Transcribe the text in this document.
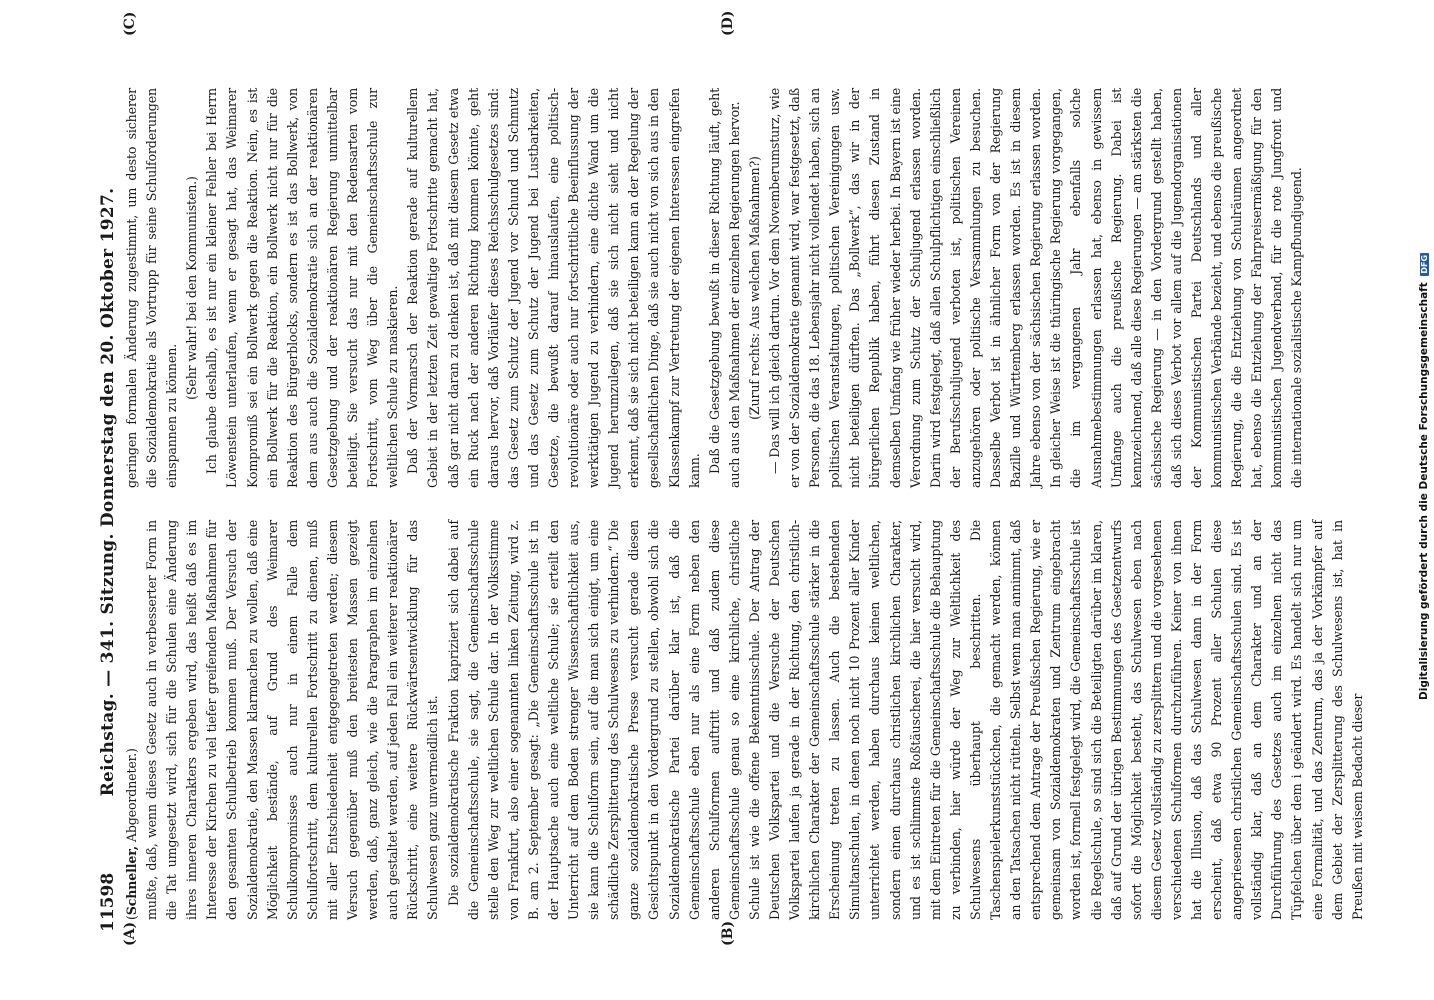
11598
Reichstag. — 341. Sitzung. Donnerstag den 20. Oktober 1927.
(A)	(B)
(C)	(D)

(Schneller, Abgeordneter.) mußte, daß, wenn dieses Gesetz auch in verbesserter Form in die Tat umgesetzt wird, sich für die Schulen eine Änderung ihres inneren Charakters ergeben wird, das heißt daß es im Interesse der Kirchen zu viel tiefer greifenden Maßnahmen für den gesamten Schulbetrieb kommen muß. Der Versuch der Sozialdemokratie, den Massen klarmachen zu wollen, daß eine Möglichkeit bestände, auf Grund des Weimarer Schulkompromisses auch nur in einem Falle dem Schulfortschritt, dem kulturellen Fortschritt zu dienen, muß mit aller Entschiedenheit entgegengetreten werden; diesem Versuch gegenüber muß den breitesten Massen gezeigt werden, daß, ganz gleich, wie die Paragraphen im einzelnen auch gestaltet werden, auf jeden Fall ein weiterer reaktionärer Rückschritt, eine weitere Rückwärtsentwicklung für das Schulwesen ganz unvermeidlich ist. Die sozialdemokratische Fraktion kapriziert sich dabei auf die Gemeinschaftsschule, sie sagt, die Gemeinschaftsschule stelle den Weg zur weltlichen Schule dar. In der Volksstimme von Frankfurt, also einer sogenannten linken Zeitung, wird z. B. am 2. September gesagt: „Die Gemeinschaftsschule ist in der Hauptsache auch eine weltliche Schule; sie erteilt den Unterricht auf dem Boden strenger Wissenschaftlichkeit aus, sie kann die Schulform sein, auf die man sich einigt, um eine schädliche Zersplitterung des Schulwesens zu verhindern.“ Die ganze sozialdemokratische Presse versucht gerade diesen Gesichtspunkt in den Vordergrund zu stellen, obwohl sich die Sozialdemokratische Partei darüber klar ist, daß die Gemeinschaftsschule eben nur als eine Form neben den anderen Schulformen auftritt und daß zudem diese Gemeinschaftsschule genau so eine kirchliche, christliche Schule ist wie die offene Bekenntnisschule. Der Antrag der Deutschen Volkspartei und die Versuche der Deutschen Volkspartei laufen ja gerade in der Richtung, den christlich-kirchlichen Charakter der Gemeinschaftsschule stärker in die Erscheinung treten zu lassen. Auch die bestehenden Simultanschulen, in denen noch nicht 10 Prozent aller Kinder unterrichtet werden, haben durchaus keinen weltlichen, sondern einen durchaus christlichen kirchlichen Charakter, und es ist schlimmste Roßtäuscherei, die hier versucht wird, mit dem Eintreten für die Gemeinschaftsschule die Behauptung zu verbinden, hier würde der Weg zur Weltlichkeit des Schulwesens überhaupt beschritten. Die Taschenspielerkunststückchen, die gemacht werden, können an den Tatsachen nicht rütteln. Selbst wenn man annimmt, daß entsprechend dem Antrage der Preußischen Regierung, wie er gemeinsam von Sozialdemokraten und Zentrum eingebracht worden ist, formell festgelegt wird, die Gemeinschaftsschule ist die Regelschule, so sind sich die Beteiligten darüber im klaren, daß auf Grund der übrigen Bestimmungen des Gesetzentwurfs sofort die Möglichkeit besteht, das Schulwesen eben nach diesem Gesetz vollständig zu zersplittern und die vorgesehenen verschiedenen Schulformen durchzuführen. Keiner von ihnen hat die Illusion, daß das Schulwesen dann in der Form erscheint, daß etwa 90 Prozent aller Schulen diese angepriesenen christlichen Gemeinschaftsschulen sind. Es ist vollständig klar, daß an dem Charakter und an der Durchführung des Gesetzes auch im einzelnen nicht das Tüpfelchen über dem i geändert wird. Es handelt sich nur um eine Formalität, und das Zentrum, das ja der Vorkämpfer auf dem Gebiet der Zersplitterung des Schulwesens ist, hat in Preußen mit weisem Bedacht dieser

geringen formalen Änderung zugestimmt, um desto sicherer die Sozialdemokratie als Vortrupp für seine Schulforderungen einspannen zu können.

(Sehr wahr! bei den Kommunisten.) Ich glaube deshalb, es ist nur ein kleiner Fehler bei Herrn Löwenstein unterlaufen, wenn er gesagt hat, das Weimarer Kompromiß sei ein Bollwerk gegen die Reaktion. Nein, es ist ein Bollwerk für die Reaktion, ein Bollwerk nicht nur für die Reaktion des Bürgerblocks, sondern es ist das Bollwerk, von dem aus auch die Sozialdemokratie sich an der reaktionären Gesetzgebung und der reaktionären Regierung unmittelbar beteiligt. Sie versucht das nur mit den Redensarten vom Fortschritt, vom Weg über die Gemeinschaftsschule zur weltlichen Schule zu maskieren. Daß der Vormarsch der Reaktion gerade auf kulturellem Gebiet in der letzten Zeit gewaltige Fortschritte gemacht hat, daß gar nicht daran zu denken ist, daß mit diesem Gesetz etwa ein Ruck nach der anderen Richtung kommen könnte, geht daraus hervor, daß Vorläufer dieses Reichsschulgesetzes sind: das Gesetz zum Schutz der Jugend vor Schund und Schmutz und das Gesetz zum Schutz der Jugend bei Lustbarkeiten, Gesetze, die bewußt darauf hinauslaufen, eine politisch-revolutionäre oder auch nur fortschrittliche Beeinflussung der werktätigen Jugend zu verhindern, eine dichte Wand um die Jugend herumzulegen, daß sie sich nicht sieht und nicht erkennt, daß sie sich nicht beteiligen kann an der Regelung der gesellschaftlichen Dinge, daß sie auch nicht von sich aus in den Klassenkampf zur Vertretung der eigenen Interessen eingreifen kann. Daß die Gesetzgebung bewußt in dieser Richtung läuft, geht auch aus den Maßnahmen der einzelnen Regierungen hervor. (Zuruf rechts: Aus welchen Maßnahmen?) — Das will ich gleich dartun. Vor dem Novemberumsturz, wie er von der Sozialdemokratie genannt wird, war festgesetzt, daß Personen, die das 18. Lebensjahr nicht vollendet haben, sich an politischen Veranstaltungen, politischen Vereinigungen usw. nicht beteiligen dürften. Das „Bollwerk“, das wir in der bürgerlichen Republik haben, führt diesen Zustand in demselben Umfang wie früher wieder herbei. In Bayern ist eine Verordnung zum Schutz der Schuljugend erlassen worden. Darin wird festgelegt, daß allen Schulpflichtigen einschließlich der Berufsschuljugend verboten ist, politischen Vereinen anzugehören oder politische Versammlungen zu besuchen. Dasselbe Verbot ist in ähnlicher Form von der Regierung Bazille und Württemberg erlassen worden. Es ist in diesem Jahre ebenso von der sächsischen Regierung erlassen worden. In gleicher Weise ist die thüringische Regierung vorgegangen, die im vergangenen Jahr ebenfalls solche Ausnahmebestimmungen erlassen hat, ebenso in gewissem Umfange auch die preußische Regierung. Dabei ist kennzeichnend, daß alle diese Regierungen — am stärksten die sächsische Regierung — in den Vordergrund gestellt haben, daß sich dieses Verbot vor allem auf die Jugendorganisationen der Kommunistischen Partei Deutschlands und aller kommunistischen Verbände bezieht, und ebenso die preußische Regierung, die die Entziehung von Schulräumen angeordnet hat, ebenso die Entziehung der Fahrpreisermäßigung für den kommunistischen Jugendverband, für die rote Jungfront und die internationale sozialistische Kampfbundjugend.	Digitalisierung gefördert durch die Deutsche Forschungsgemeinschaft DFG
